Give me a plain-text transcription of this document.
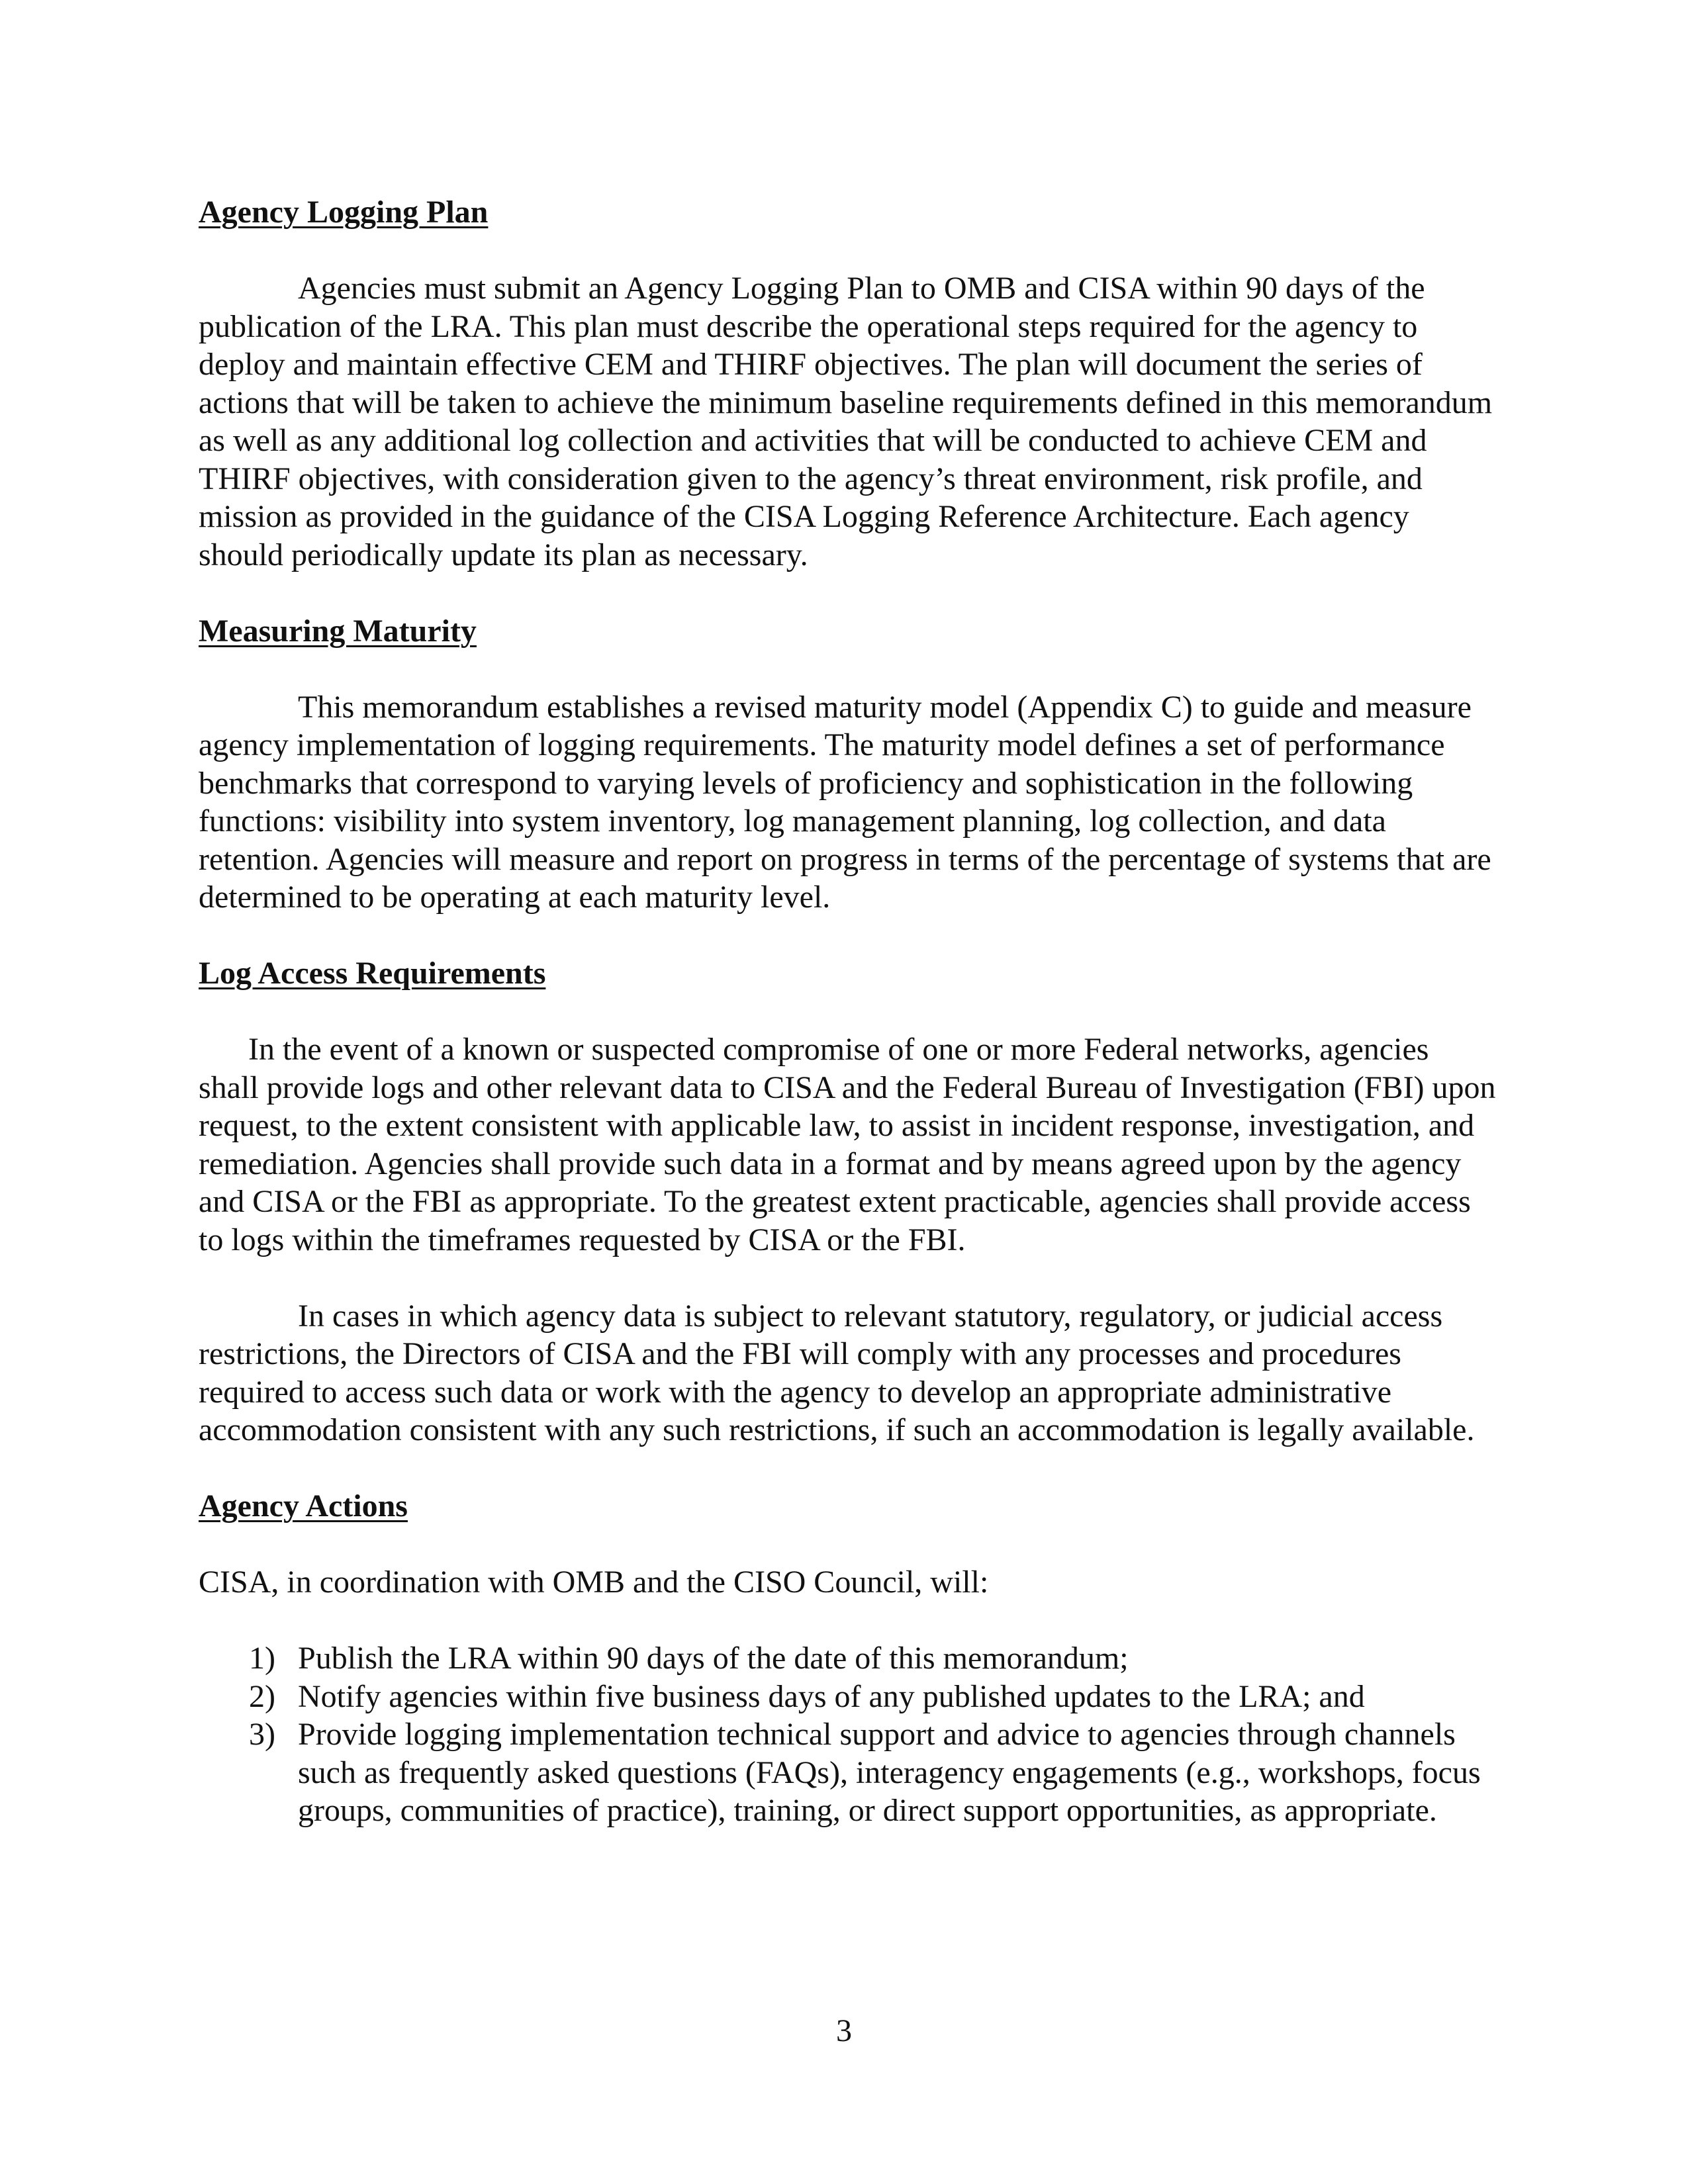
Agency Logging Plan

Agencies must submit an Agency Logging Plan to OMB and CISA within 90 days of the publication of the LRA. This plan must describe the operational steps required for the agency to deploy and maintain effective CEM and THIRF objectives. The plan will document the series of actions that will be taken to achieve the minimum baseline requirements defined in this memorandum as well as any additional log collection and activities that will be conducted to achieve CEM and THIRF objectives, with consideration given to the agency’s threat environment, risk profile, and mission as provided in the guidance of the CISA Logging Reference Architecture. Each agency should periodically update its plan as necessary.

Measuring Maturity

This memorandum establishes a revised maturity model (Appendix C) to guide and measure agency implementation of logging requirements. The maturity model defines a set of performance benchmarks that correspond to varying levels of proficiency and sophistication in the following functions: visibility into system inventory, log management planning, log collection, and data retention. Agencies will measure and report on progress in terms of the percentage of systems that are determined to be operating at each maturity level.

Log Access Requirements

In the event of a known or suspected compromise of one or more Federal networks, agencies shall provide logs and other relevant data to CISA and the Federal Bureau of Investigation (FBI) upon request, to the extent consistent with applicable law, to assist in incident response, investigation, and remediation. Agencies shall provide such data in a format and by means agreed upon by the agency and CISA or the FBI as appropriate. To the greatest extent practicable, agencies shall provide access to logs within the timeframes requested by CISA or the FBI.

In cases in which agency data is subject to relevant statutory, regulatory, or judicial access restrictions, the Directors of CISA and the FBI will comply with any processes and procedures required to access such data or work with the agency to develop an appropriate administrative accommodation consistent with any such restrictions, if such an accommodation is legally available.

Agency Actions

CISA, in coordination with OMB and the CISO Council, will:

1) Publish the LRA within 90 days of the date of this memorandum;
2) Notify agencies within five business days of any published updates to the LRA; and
3) Provide logging implementation technical support and advice to agencies through channels such as frequently asked questions (FAQs), interagency engagements (e.g., workshops, focus groups, communities of practice), training, or direct support opportunities, as appropriate.
3
